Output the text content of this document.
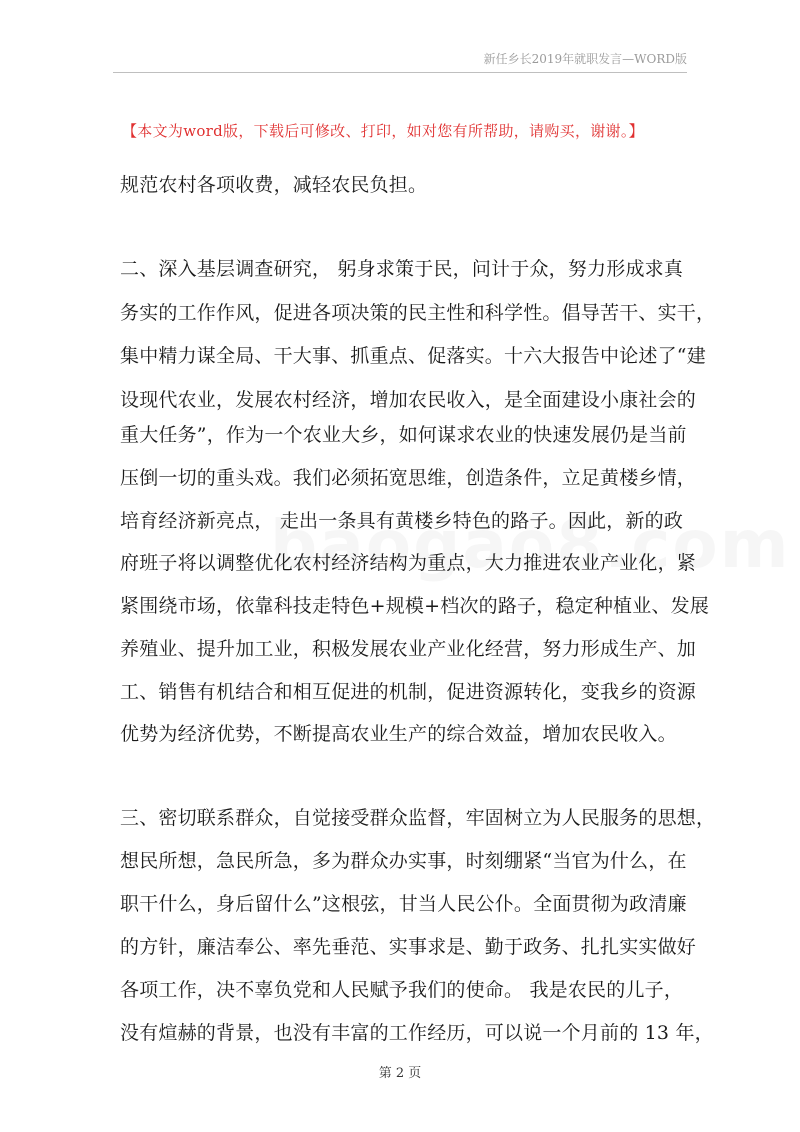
新任乡长2019年就职发言—WORD版
【本文为word版，下载后可修改、打印，如对您有所帮助，请购买，谢谢。】
规范农村各项收费，减轻农民负担。
二、深入基层调查研究， 躬身求策于民，问计于众，努力形成求真
务实的工作作风，促进各项决策的民主性和科学性。倡导苦干、实干，
集中精力谋全局、干大事、抓重点、促落实。十六大报告中论述了“建
设现代农业，发展农村经济，增加农民收入，是全面建设小康社会的
重大任务”，作为一个农业大乡，如何谋求农业的快速发展仍是当前
压倒一切的重头戏。我们必须拓宽思维，创造条件，立足黄楼乡情，
培育经济新亮点， 走出一条具有黄楼乡特色的路子。因此，新的政
府班子将以调整优化农村经济结构为重点，大力推进农业产业化，紧
紧围绕市场，依靠科技走特色+规模+档次的路子，稳定种植业、发展
养殖业、提升加工业，积极发展农业产业化经营，努力形成生产、加
工、销售有机结合和相互促进的机制，促进资源转化，变我乡的资源
优势为经济优势，不断提高农业生产的综合效益，增加农民收入。
三、密切联系群众，自觉接受群众监督，牢固树立为人民服务的思想，
想民所想，急民所急，多为群众办实事，时刻绷紧“当官为什么，在
职干什么，身后留什么”这根弦，甘当人民公仆。全面贯彻为政清廉
的方针，廉洁奉公、率先垂范、实事求是、勤于政务、扎扎实实做好
各项工作，决不辜负党和人民赋予我们的使命。 我是农民的儿子，
没有煊赫的背景，也没有丰富的工作经历，可以说一个月前的 13 年，
第 2 页
